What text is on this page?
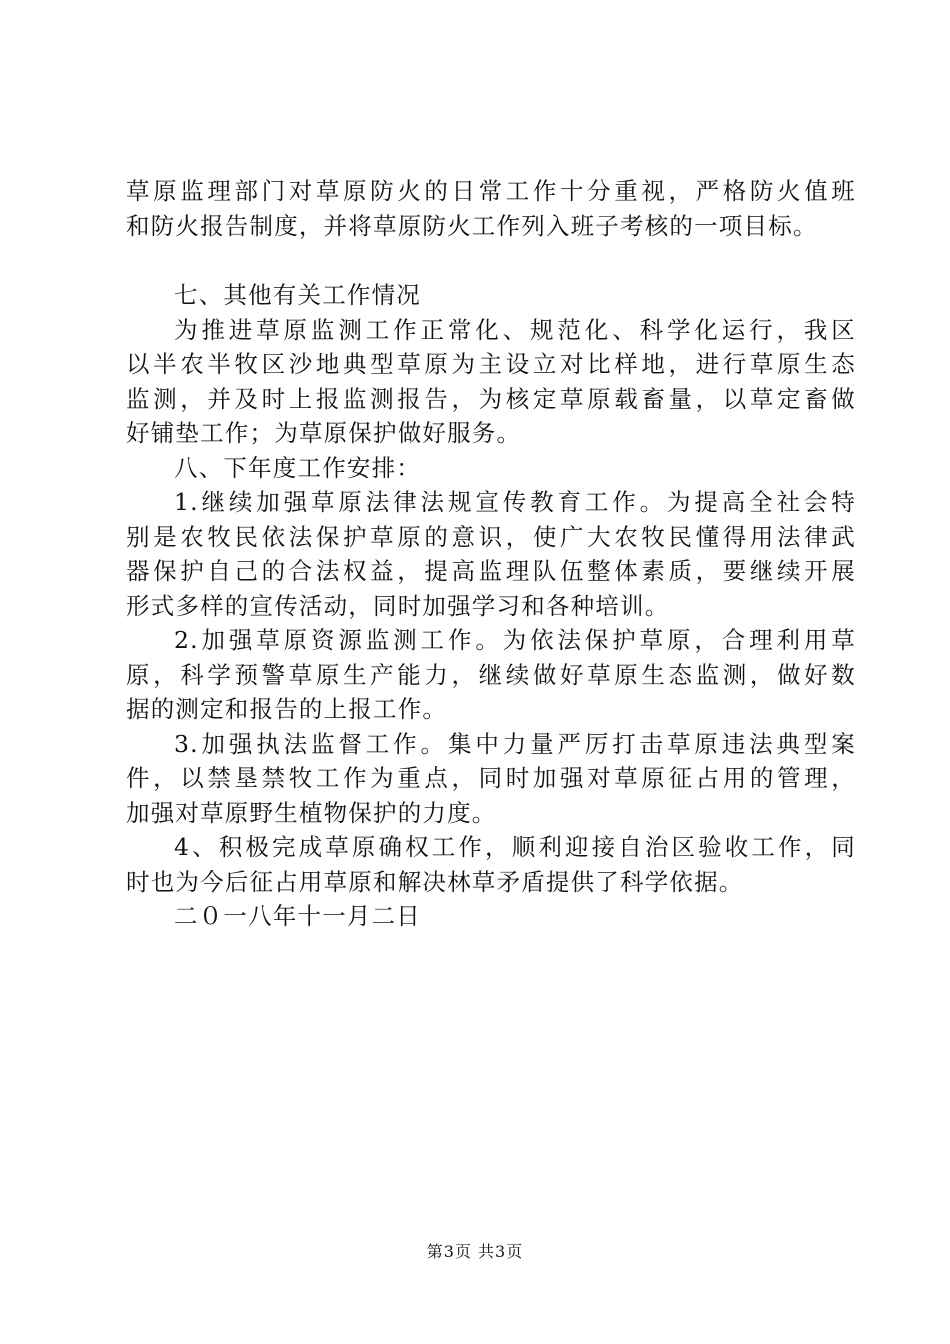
草原监理部门对草原防火的日常工作十分重视，严格防火值班
和防火报告制度，并将草原防火工作列入班子考核的一项目标。
七、其他有关工作情况
为推进草原监测工作正常化、规范化、科学化运行，我区
以半农半牧区沙地典型草原为主设立对比样地，进行草原生态
监测，并及时上报监测报告，为核定草原载畜量，以草定畜做
好铺垫工作；为草原保护做好服务。
八、下年度工作安排：
1.继续加强草原法律法规宣传教育工作。为提高全社会特
别是农牧民依法保护草原的意识，使广大农牧民懂得用法律武
器保护自己的合法权益，提高监理队伍整体素质，要继续开展
形式多样的宣传活动，同时加强学习和各种培训。
2.加强草原资源监测工作。为依法保护草原，合理利用草
原，科学预警草原生产能力，继续做好草原生态监测，做好数
据的测定和报告的上报工作。
3.加强执法监督工作。集中力量严厉打击草原违法典型案
件，以禁垦禁牧工作为重点，同时加强对草原征占用的管理，
加强对草原野生植物保护的力度。
4、积极完成草原确权工作，顺利迎接自治区验收工作，同
时也为今后征占用草原和解决林草矛盾提供了科学依据。
二０一八年十一月二日
第3页 共3页
